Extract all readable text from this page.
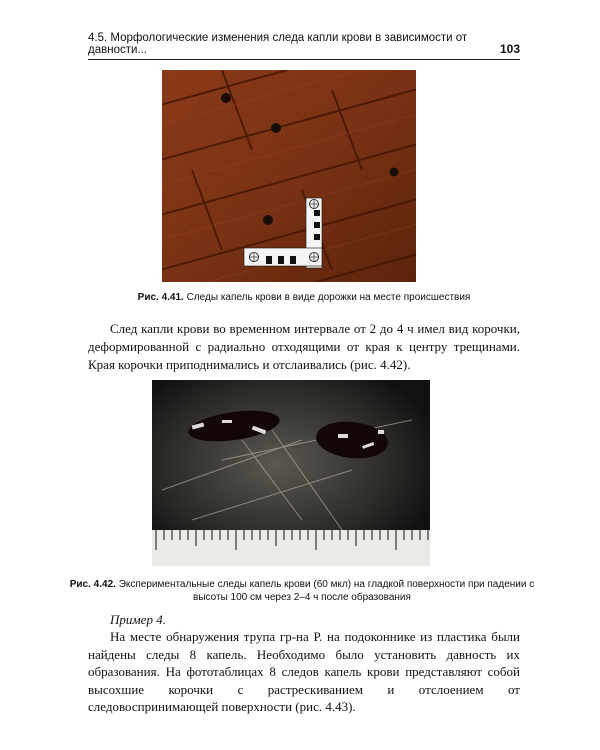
4.5. Морфологические изменения следа капли крови в зависимости от давности...	103
Рис. 4.41. Следы капель крови в виде дорожки на месте происшествия

След капли крови во временном интервале от 2 до 4 ч имел вид корочки, деформированной с радиально отходящими от края к центру трещинами. Края корочки приподнимались и отслаивались (рис. 4.42).

Рис. 4.42. Экспериментальные следы капель крови (60 мкл) на гладкой поверхности при падении с высоты 100 см через 2–4 ч после образования
Пример 4.

На месте обнаружения трупа гр-на Р. на подоконнике из пластика были найдены следы 8 капель. Необходимо было установить давность их образования. На фототаблицах 8 следов капель крови представляют собой высохшие корочки с растрескиванием и отслоением от следовоспринимающей поверхности (рис. 4.43).
